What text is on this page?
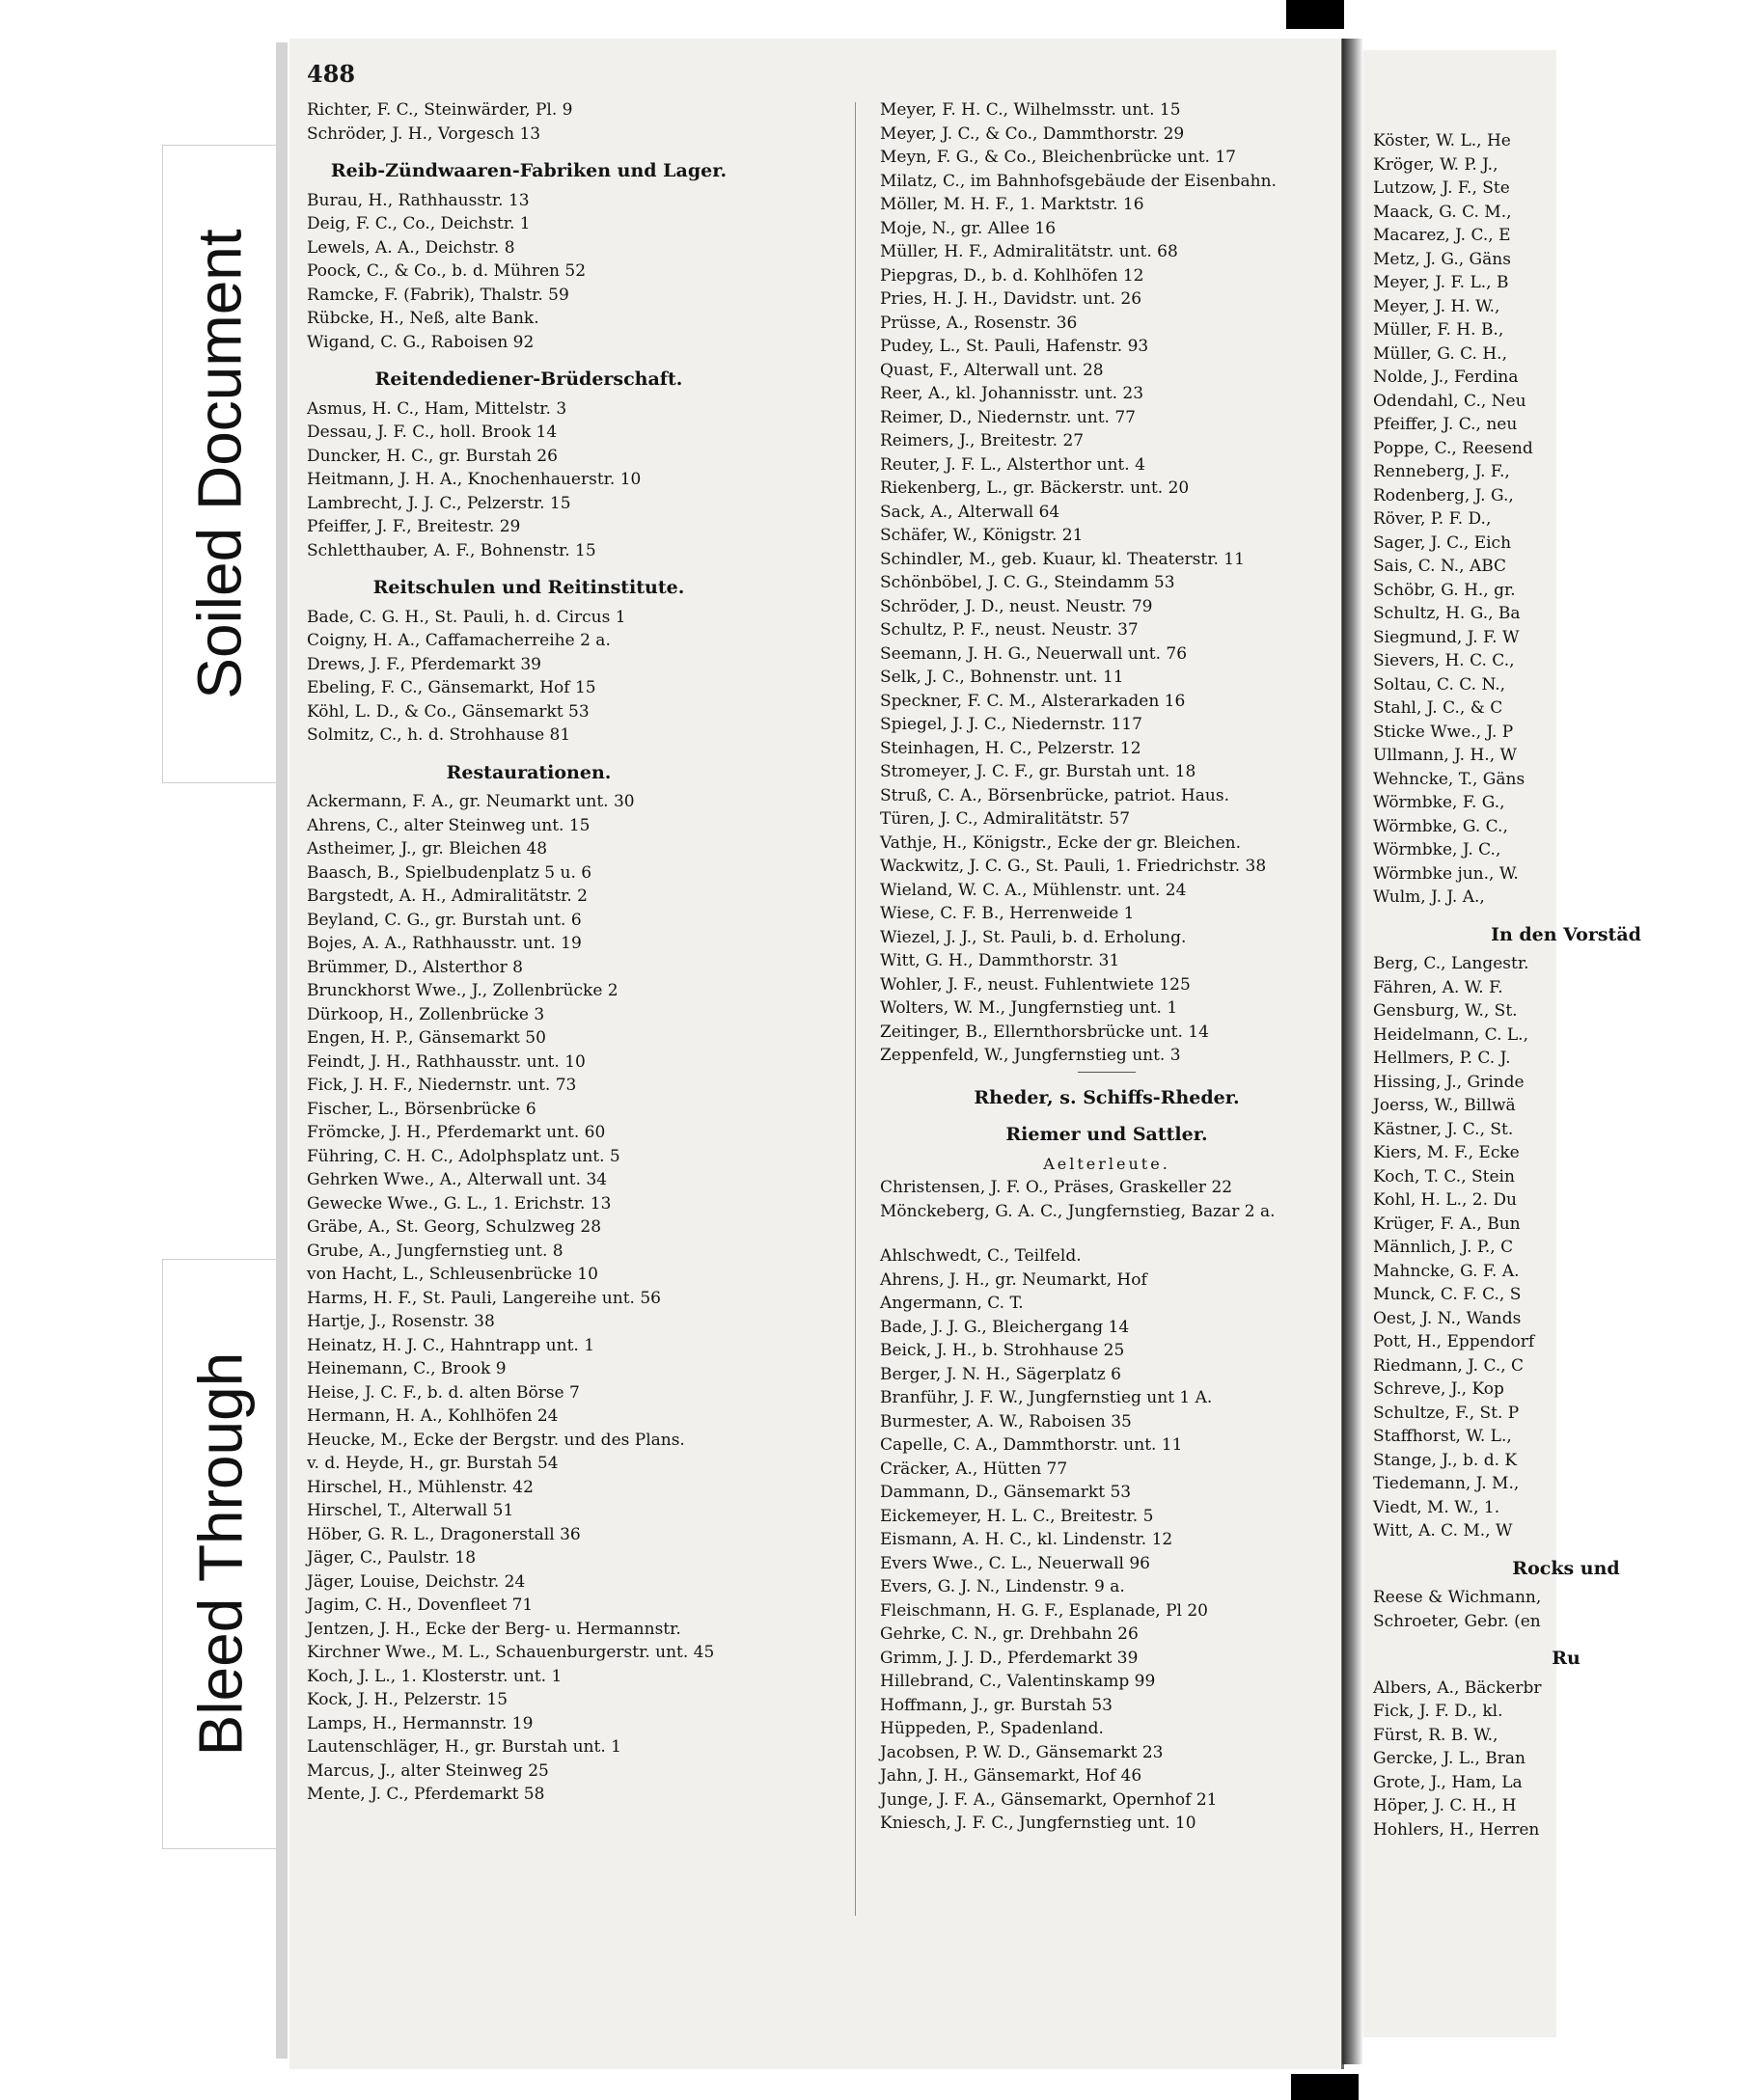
Soiled Document
Bleed Through
488
Richter, F. C., Steinwärder, Pl. 9
Schröder, J. H., Vorgesch 13
Reib-Zündwaaren-Fabriken und Lager.
Burau, H., Rathhausstr. 13
Deig, F. C., Co., Deichstr. 1
Lewels, A. A., Deichstr. 8
Poock, C., & Co., b. d. Mühren 52
Ramcke, F. (Fabrik), Thalstr. 59
Rübcke, H., Neß, alte Bank.
Wigand, C. G., Raboisen 92
Reitendediener-Brüderschaft.
Asmus, H. C., Ham, Mittelstr. 3
Dessau, J. F. C., holl. Brook 14
Duncker, H. C., gr. Burstah 26
Heitmann, J. H. A., Knochenhauerstr. 10
Lambrecht, J. J. C., Pelzerstr. 15
Pfeiffer, J. F., Breitestr. 29
Schletthauber, A. F., Bohnenstr. 15
Reitschulen und Reitinstitute.
Bade, C. G. H., St. Pauli, h. d. Circus 1
Coigny, H. A., Caffamacherreihe 2 a.
Drews, J. F., Pferdemarkt 39
Ebeling, F. C., Gänsemarkt, Hof 15
Köhl, L. D., & Co., Gänsemarkt 53
Solmitz, C., h. d. Strohhause 81
Restaurationen.
Ackermann, F. A., gr. Neumarkt unt. 30
Ahrens, C., alter Steinweg unt. 15
Astheimer, J., gr. Bleichen 48
Baasch, B., Spielbudenplatz 5 u. 6
Bargstedt, A. H., Admiralitätstr. 2
Beyland, C. G., gr. Burstah unt. 6
Bojes, A. A., Rathhausstr. unt. 19
Brümmer, D., Alsterthor 8
Brunckhorst Wwe., J., Zollenbrücke 2
Dürkoop, H., Zollenbrücke 3
Engen, H. P., Gänsemarkt 50
Feindt, J. H., Rathhausstr. unt. 10
Fick, J. H. F., Niedernstr. unt. 73
Fischer, L., Börsenbrücke 6
Frömcke, J. H., Pferdemarkt unt. 60
Führing, C. H. C., Adolphsplatz unt. 5
Gehrken Wwe., A., Alterwall unt. 34
Gewecke Wwe., G. L., 1. Erichstr. 13
Gräbe, A., St. Georg, Schulzweg 28
Grube, A., Jungfernstieg unt. 8
von Hacht, L., Schleusenbrücke 10
Harms, H. F., St. Pauli, Langereihe unt. 56
Hartje, J., Rosenstr. 38
Heinatz, H. J. C., Hahntrapp unt. 1
Heinemann, C., Brook 9
Heise, J. C. F., b. d. alten Börse 7
Hermann, H. A., Kohlhöfen 24
Heucke, M., Ecke der Bergstr. und des Plans.
v. d. Heyde, H., gr. Burstah 54
Hirschel, H., Mühlenstr. 42
Hirschel, T., Alterwall 51
Höber, G. R. L., Dragonerstall 36
Jäger, C., Paulstr. 18
Jäger, Louise, Deichstr. 24
Jagim, C. H., Dovenfleet 71
Jentzen, J. H., Ecke der Berg- u. Hermannstr.
Kirchner Wwe., M. L., Schauenburgerstr. unt. 45
Koch, J. L., 1. Klosterstr. unt. 1
Kock, J. H., Pelzerstr. 15
Lamps, H., Hermannstr. 19
Lautenschläger, H., gr. Burstah unt. 1
Marcus, J., alter Steinweg 25
Mente, J. C., Pferdemarkt 58
Meyer, F. H. C., Wilhelmsstr. unt. 15
Meyer, J. C., & Co., Dammthorstr. 29
Meyn, F. G., & Co., Bleichenbrücke unt. 17
Milatz, C., im Bahnhofsgebäude der Eisenbahn.
Möller, M. H. F., 1. Marktstr. 16
Moje, N., gr. Allee 16
Müller, H. F., Admiralitätstr. unt. 68
Piepgras, D., b. d. Kohlhöfen 12
Pries, H. J. H., Davidstr. unt. 26
Prüsse, A., Rosenstr. 36
Pudey, L., St. Pauli, Hafenstr. 93
Quast, F., Alterwall unt. 28
Reer, A., kl. Johannisstr. unt. 23
Reimer, D., Niedernstr. unt. 77
Reimers, J., Breitestr. 27
Reuter, J. F. L., Alsterthor unt. 4
Riekenberg, L., gr. Bäckerstr. unt. 20
Sack, A., Alterwall 64
Schäfer, W., Königstr. 21
Schindler, M., geb. Kuaur, kl. Theaterstr. 11
Schönböbel, J. C. G., Steindamm 53
Schröder, J. D., neust. Neustr. 79
Schultz, P. F., neust. Neustr. 37
Seemann, J. H. G., Neuerwall unt. 76
Selk, J. C., Bohnenstr. unt. 11
Speckner, F. C. M., Alsterarkaden 16
Spiegel, J. J. C., Niedernstr. 117
Steinhagen, H. C., Pelzerstr. 12
Stromeyer, J. C. F., gr. Burstah unt. 18
Struß, C. A., Börsenbrücke, patriot. Haus.
Türen, J. C., Admiralitätstr. 57
Vathje, H., Königstr., Ecke der gr. Bleichen.
Wackwitz, J. C. G., St. Pauli, 1. Friedrichstr. 38
Wieland, W. C. A., Mühlenstr. unt. 24
Wiese, C. F. B., Herrenweide 1
Wiezel, J. J., St. Pauli, b. d. Erholung.
Witt, G. H., Dammthorstr. 31
Wohler, J. F., neust. Fuhlentwiete 125
Wolters, W. M., Jungfernstieg unt. 1
Zeitinger, B., Ellernthorsbrücke unt. 14
Zeppenfeld, W., Jungfernstieg unt. 3
Rheder, s. Schiffs-Rheder.
Riemer und Sattler.
Aelterleute.
Christensen, J. F. O., Präses, Graskeller 22
Mönckeberg, G. A. C., Jungfernstieg, Bazar 2 a.
Ahlschwedt, C., Teilfeld.
Ahrens, J. H., gr. Neumarkt, Hof
Angermann, C. T.
Bade, J. J. G., Bleichergang 14
Beick, J. H., b. Strohhause 25
Berger, J. N. H., Sägerplatz 6
Branführ, J. F. W., Jungfernstieg unt 1 A.
Burmester, A. W., Raboisen 35
Capelle, C. A., Dammthorstr. unt. 11
Cräcker, A., Hütten 77
Dammann, D., Gänsemarkt 53
Eickemeyer, H. L. C., Breitestr. 5
Eismann, A. H. C., kl. Lindenstr. 12
Evers Wwe., C. L., Neuerwall 96
Evers, G. J. N., Lindenstr. 9 a.
Fleischmann, H. G. F., Esplanade, Pl 20
Gehrke, C. N., gr. Drehbahn 26
Grimm, J. J. D., Pferdemarkt 39
Hillebrand, C., Valentinskamp 99
Hoffmann, J., gr. Burstah 53
Hüppeden, P., Spadenland.
Jacobsen, P. W. D., Gänsemarkt 23
Jahn, J. H., Gänsemarkt, Hof 46
Junge, J. F. A., Gänsemarkt, Opernhof 21
Kniesch, J. F. C., Jungfernstieg unt. 10
Köster, W. L., He
Kröger, W. P. J.,
Lutzow, J. F., Ste
Maack, G. C. M.,
Macarez, J. C., E
Metz, J. G., Gäns
Meyer, J. F. L., B
Meyer, J. H. W.,
Müller, F. H. B.,
Müller, G. C. H.,
Nolde, J., Ferdina
Odendahl, C., Neu
Pfeiffer, J. C., neu
Poppe, C., Reesend
Renneberg, J. F.,
Rodenberg, J. G.,
Röver, P. F. D.,
Sager, J. C., Eich
Sais, C. N., ABC
Schöbr, G. H., gr.
Schultz, H. G., Ba
Siegmund, J. F. W
Sievers, H. C. C.,
Soltau, C. C. N.,
Stahl, J. C., & C
Sticke Wwe., J. P
Ullmann, J. H., W
Wehncke, T., Gäns
Wörmbke, F. G.,
Wörmbke, G. C.,
Wörmbke, J. C.,
Wörmbke jun., W.
Wulm, J. J. A.,
In den Vorstäd
Berg, C., Langestr.
Fähren, A. W. F.
Gensburg, W., St.
Heidelmann, C. L.,
Hellmers, P. C. J.
Hissing, J., Grinde
Joerss, W., Billwä
Kästner, J. C., St.
Kiers, M. F., Ecke
Koch, T. C., Stein
Kohl, H. L., 2. Du
Krüger, F. A., Bun
Männlich, J. P., C
Mahncke, G. F. A.
Munck, C. F. C., S
Oest, J. N., Wands
Pott, H., Eppendorf
Riedmann, J. C., C
Schreve, J., Kop
Schultze, F., St. P
Staffhorst, W. L.,
Stange, J., b. d. K
Tiedemann, J. M.,
Viedt, M. W., 1.
Witt, A. C. M., W
Rocks und
Reese & Wichmann,
Schroeter, Gebr. (en
Ru
Albers, A., Bäckerbr
Fick, J. F. D., kl.
Fürst, R. B. W.,
Gercke, J. L., Bran
Grote, J., Ham, La
Höper, J. C. H., H
Hohlers, H., Herren
